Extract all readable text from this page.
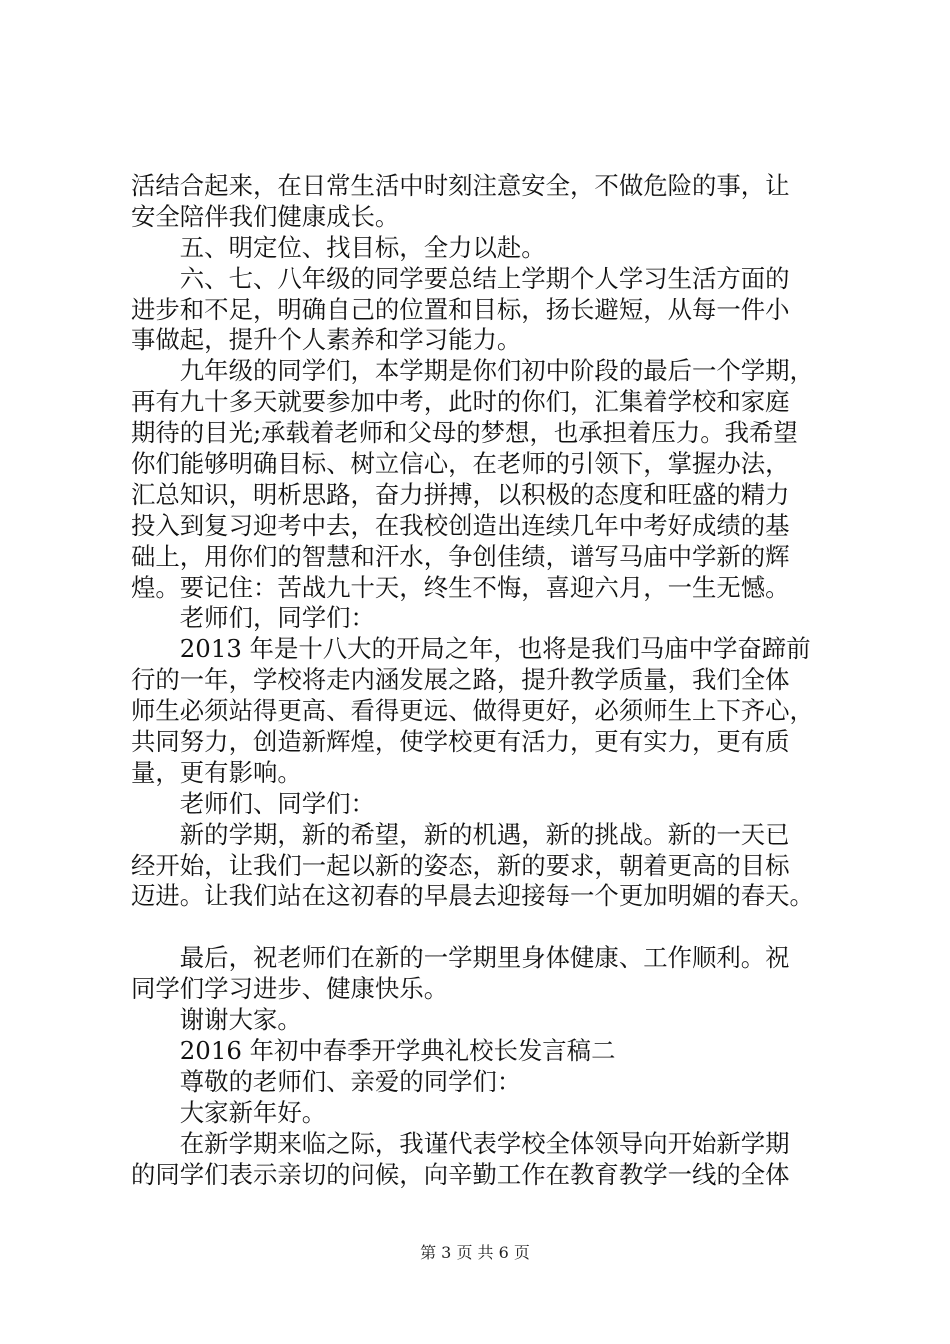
活结合起来，在日常生活中时刻注意安全，不做危险的事，让
安全陪伴我们健康成长。
　　五、明定位、找目标，全力以赴。
　　六、七、八年级的同学要总结上学期个人学习生活方面的
进步和不足，明确自己的位置和目标，扬长避短，从每一件小
事做起，提升个人素养和学习能力。
　　九年级的同学们，本学期是你们初中阶段的最后一个学期，
再有九十多天就要参加中考，此时的你们，汇集着学校和家庭
期待的目光;承载着老师和父母的梦想，也承担着压力。我希望
你们能够明确目标、树立信心，在老师的引领下，掌握办法，
汇总知识，明析思路，奋力拼搏，以积极的态度和旺盛的精力
投入到复习迎考中去，在我校创造出连续几年中考好成绩的基
础上，用你们的智慧和汗水，争创佳绩，谱写马庙中学新的辉
煌。要记住：苦战九十天，终生不悔，喜迎六月，一生无憾。
　　老师们，同学们：
　　2013 年是十八大的开局之年，也将是我们马庙中学奋蹄前
行的一年，学校将走内涵发展之路，提升教学质量，我们全体
师生必须站得更高、看得更远、做得更好，必须师生上下齐心，
共同努力，创造新辉煌，使学校更有活力，更有实力，更有质
量，更有影响。
　　老师们、同学们：
　　新的学期，新的希望，新的机遇，新的挑战。新的一天已
经开始，让我们一起以新的姿态，新的要求，朝着更高的目标
迈进。让我们站在这初春的早晨去迎接每一个更加明媚的春天。
　　最后，祝老师们在新的一学期里身体健康、工作顺利。祝
同学们学习进步、健康快乐。
　　谢谢大家。
　　2016 年初中春季开学典礼校长发言稿二
　　尊敬的老师们、亲爱的同学们：
　　大家新年好。
　　在新学期来临之际，我谨代表学校全体领导向开始新学期
的同学们表示亲切的问候，向辛勤工作在教育教学一线的全体
第 3 页 共 6 页
